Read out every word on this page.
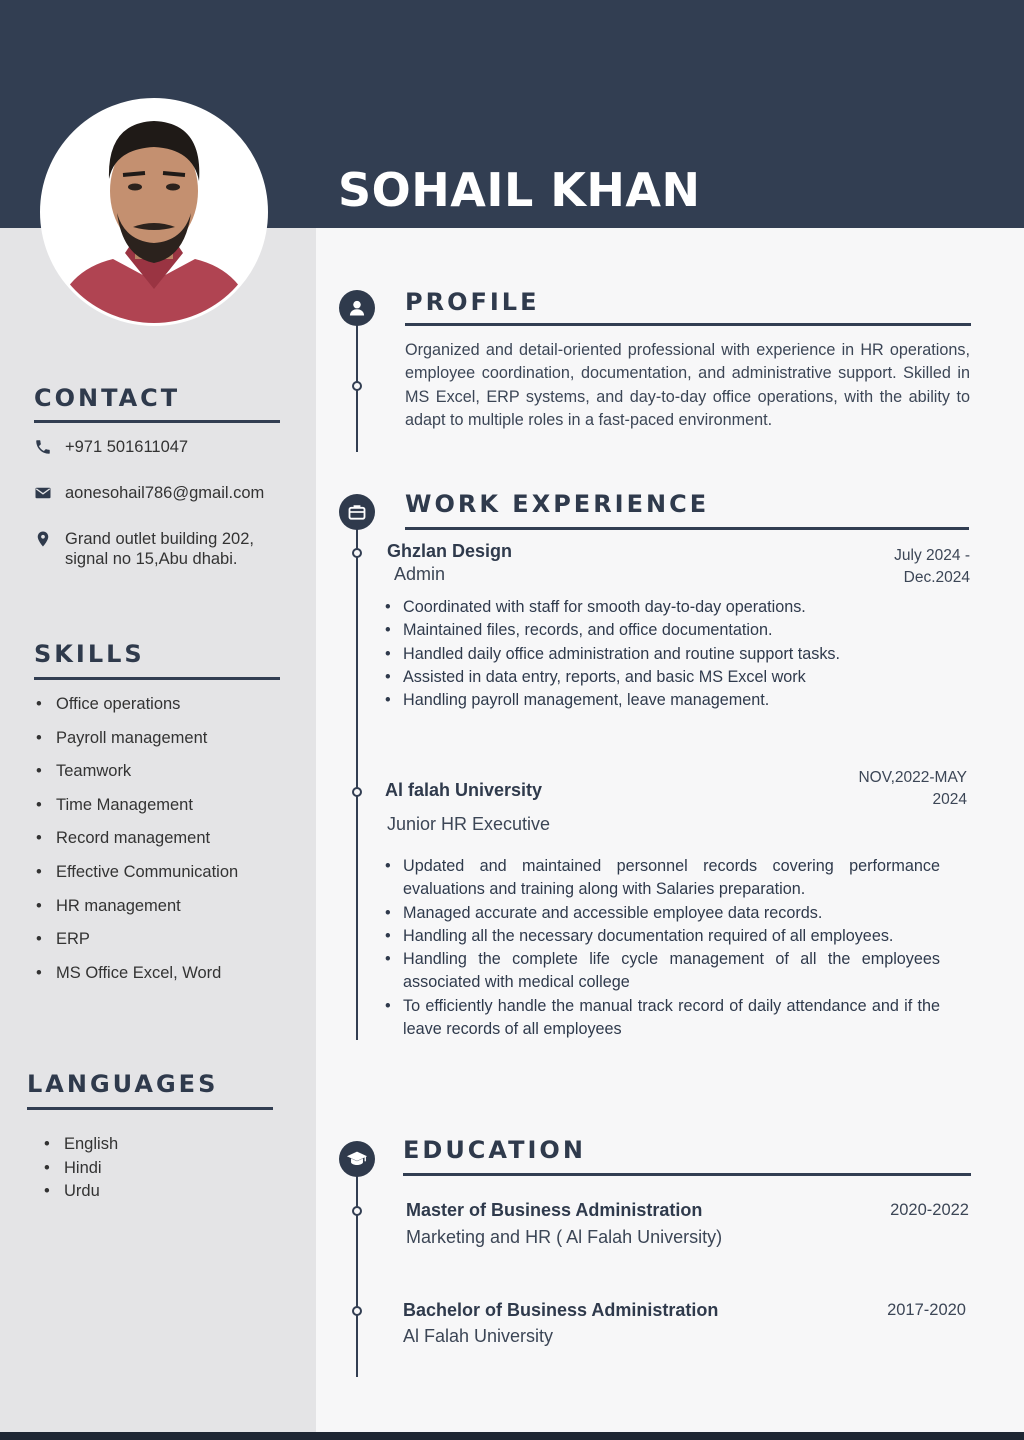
SOHAIL KHAN
CONTACT
+971 501611047
aonesohail786@gmail.com
Grand outlet building 202,
signal no 15,Abu dhabi.
SKILLS
• Office operations
• Payroll management
• Teamwork
• Time Management
• Record management
• Effective Communication
• HR management
• ERP
• MS Office Excel, Word
LANGUAGES
• English
• Hindi
• Urdu
PROFILE
Organized and detail-oriented professional with experience in HR operations, employee coordination, documentation, and administrative support. Skilled in MS Excel, ERP systems, and day-to-day office operations, with the ability to adapt to multiple roles in a fast-paced environment.
WORK EXPERIENCE
Ghzlan Design
Admin
July 2024 -
Dec.2024
• Coordinated with staff for smooth day-to-day operations.
• Maintained files, records, and office documentation.
• Handled daily office administration and routine support tasks.
• Assisted in data entry, reports, and basic MS Excel work
• Handling payroll management, leave management.
Al falah University
Junior HR Executive
NOV,2022-MAY
2024
• Updated and maintained personnel records covering performance evaluations and training along with Salaries preparation.
• Managed accurate and accessible employee data records.
• Handling all the necessary documentation required of all employees.
• Handling the complete life cycle management of all the employees associated with medical college
• To efficiently handle the manual track record of daily attendance and if the leave records of all employees
EDUCATION
Master of Business Administration
Marketing and HR ( Al Falah University)
2020-2022
Bachelor of Business Administration
Al Falah University
2017-2020
